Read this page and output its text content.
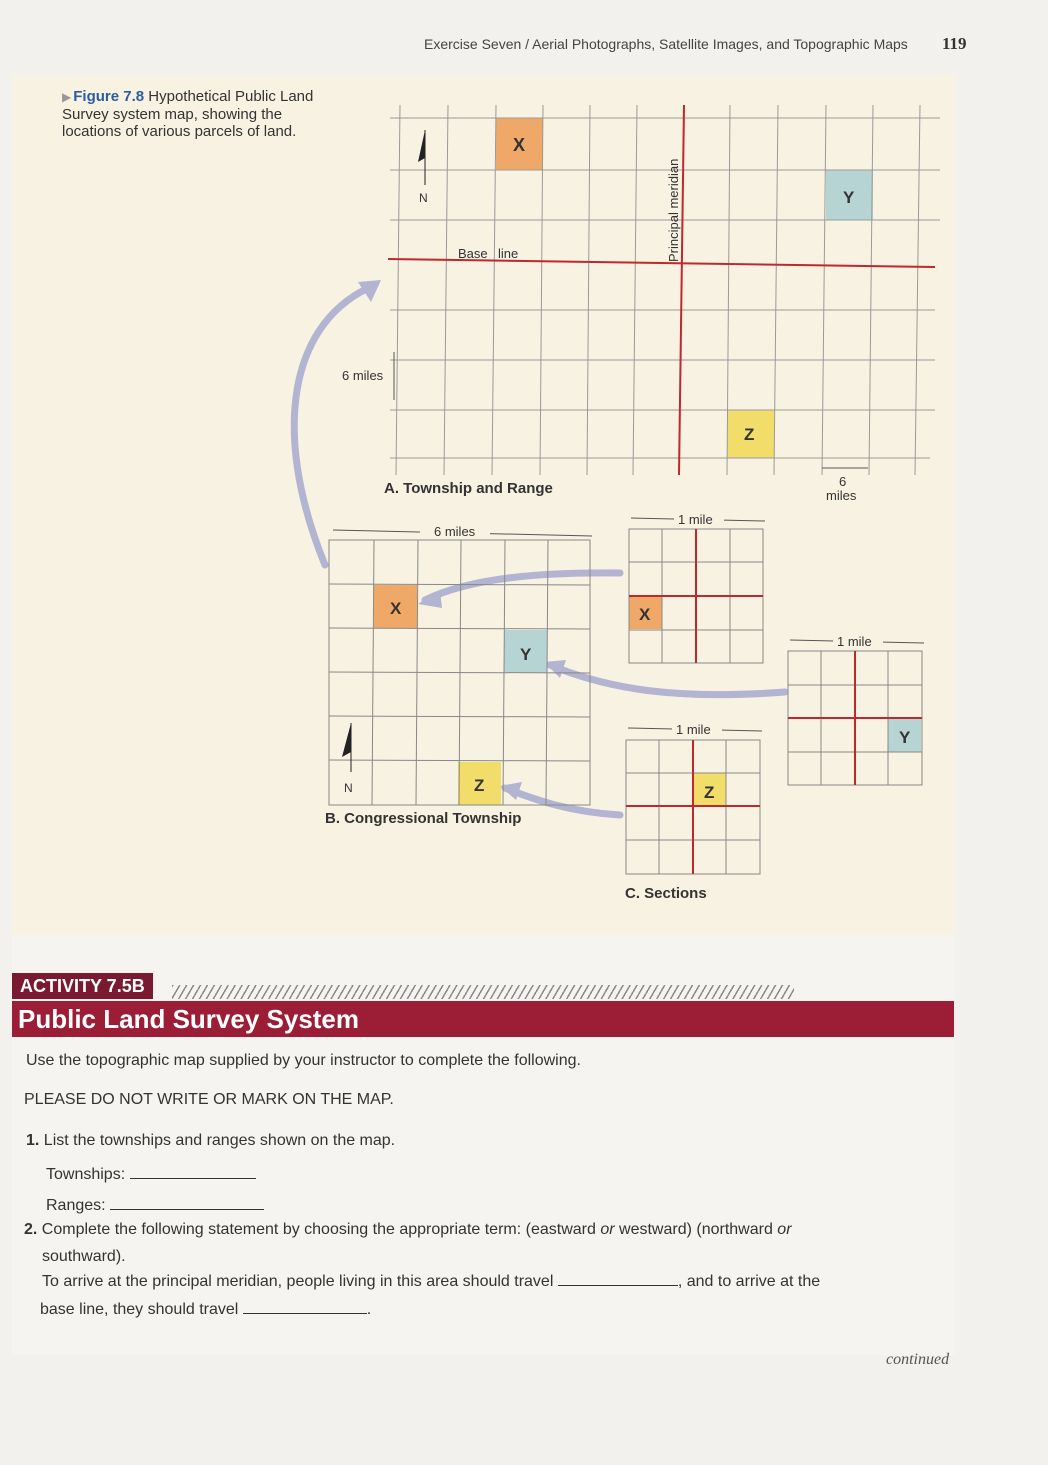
Exercise Seven / Aerial Photographs, Satellite Images, and Topographic Maps 119
▶ Figure 7.8 Hypothetical Public Land Survey system map, showing the locations of various parcels of land.
N
Base line	Principal meridian
6 miles
X
Y
Z
6
miles
A. Township and Range
6 miles
N
X
Y
Z
B. Congressional Township
1 mile
X
1 mile
Y
1 mile
Z
C. Sections
ACTIVITY 7.5B
Public Land Survey System
Use the topographic map supplied by your instructor to complete the following.
PLEASE DO NOT WRITE OR MARK ON THE MAP.
1. List the townships and ranges shown on the map.
Townships:
Ranges:
2. Complete the following statement by choosing the appropriate term: (eastward or westward) (northward or
southward).
To arrive at the principal meridian, people living in this area should travel	, and to arrive at the
base line, they should travel	.
continued
